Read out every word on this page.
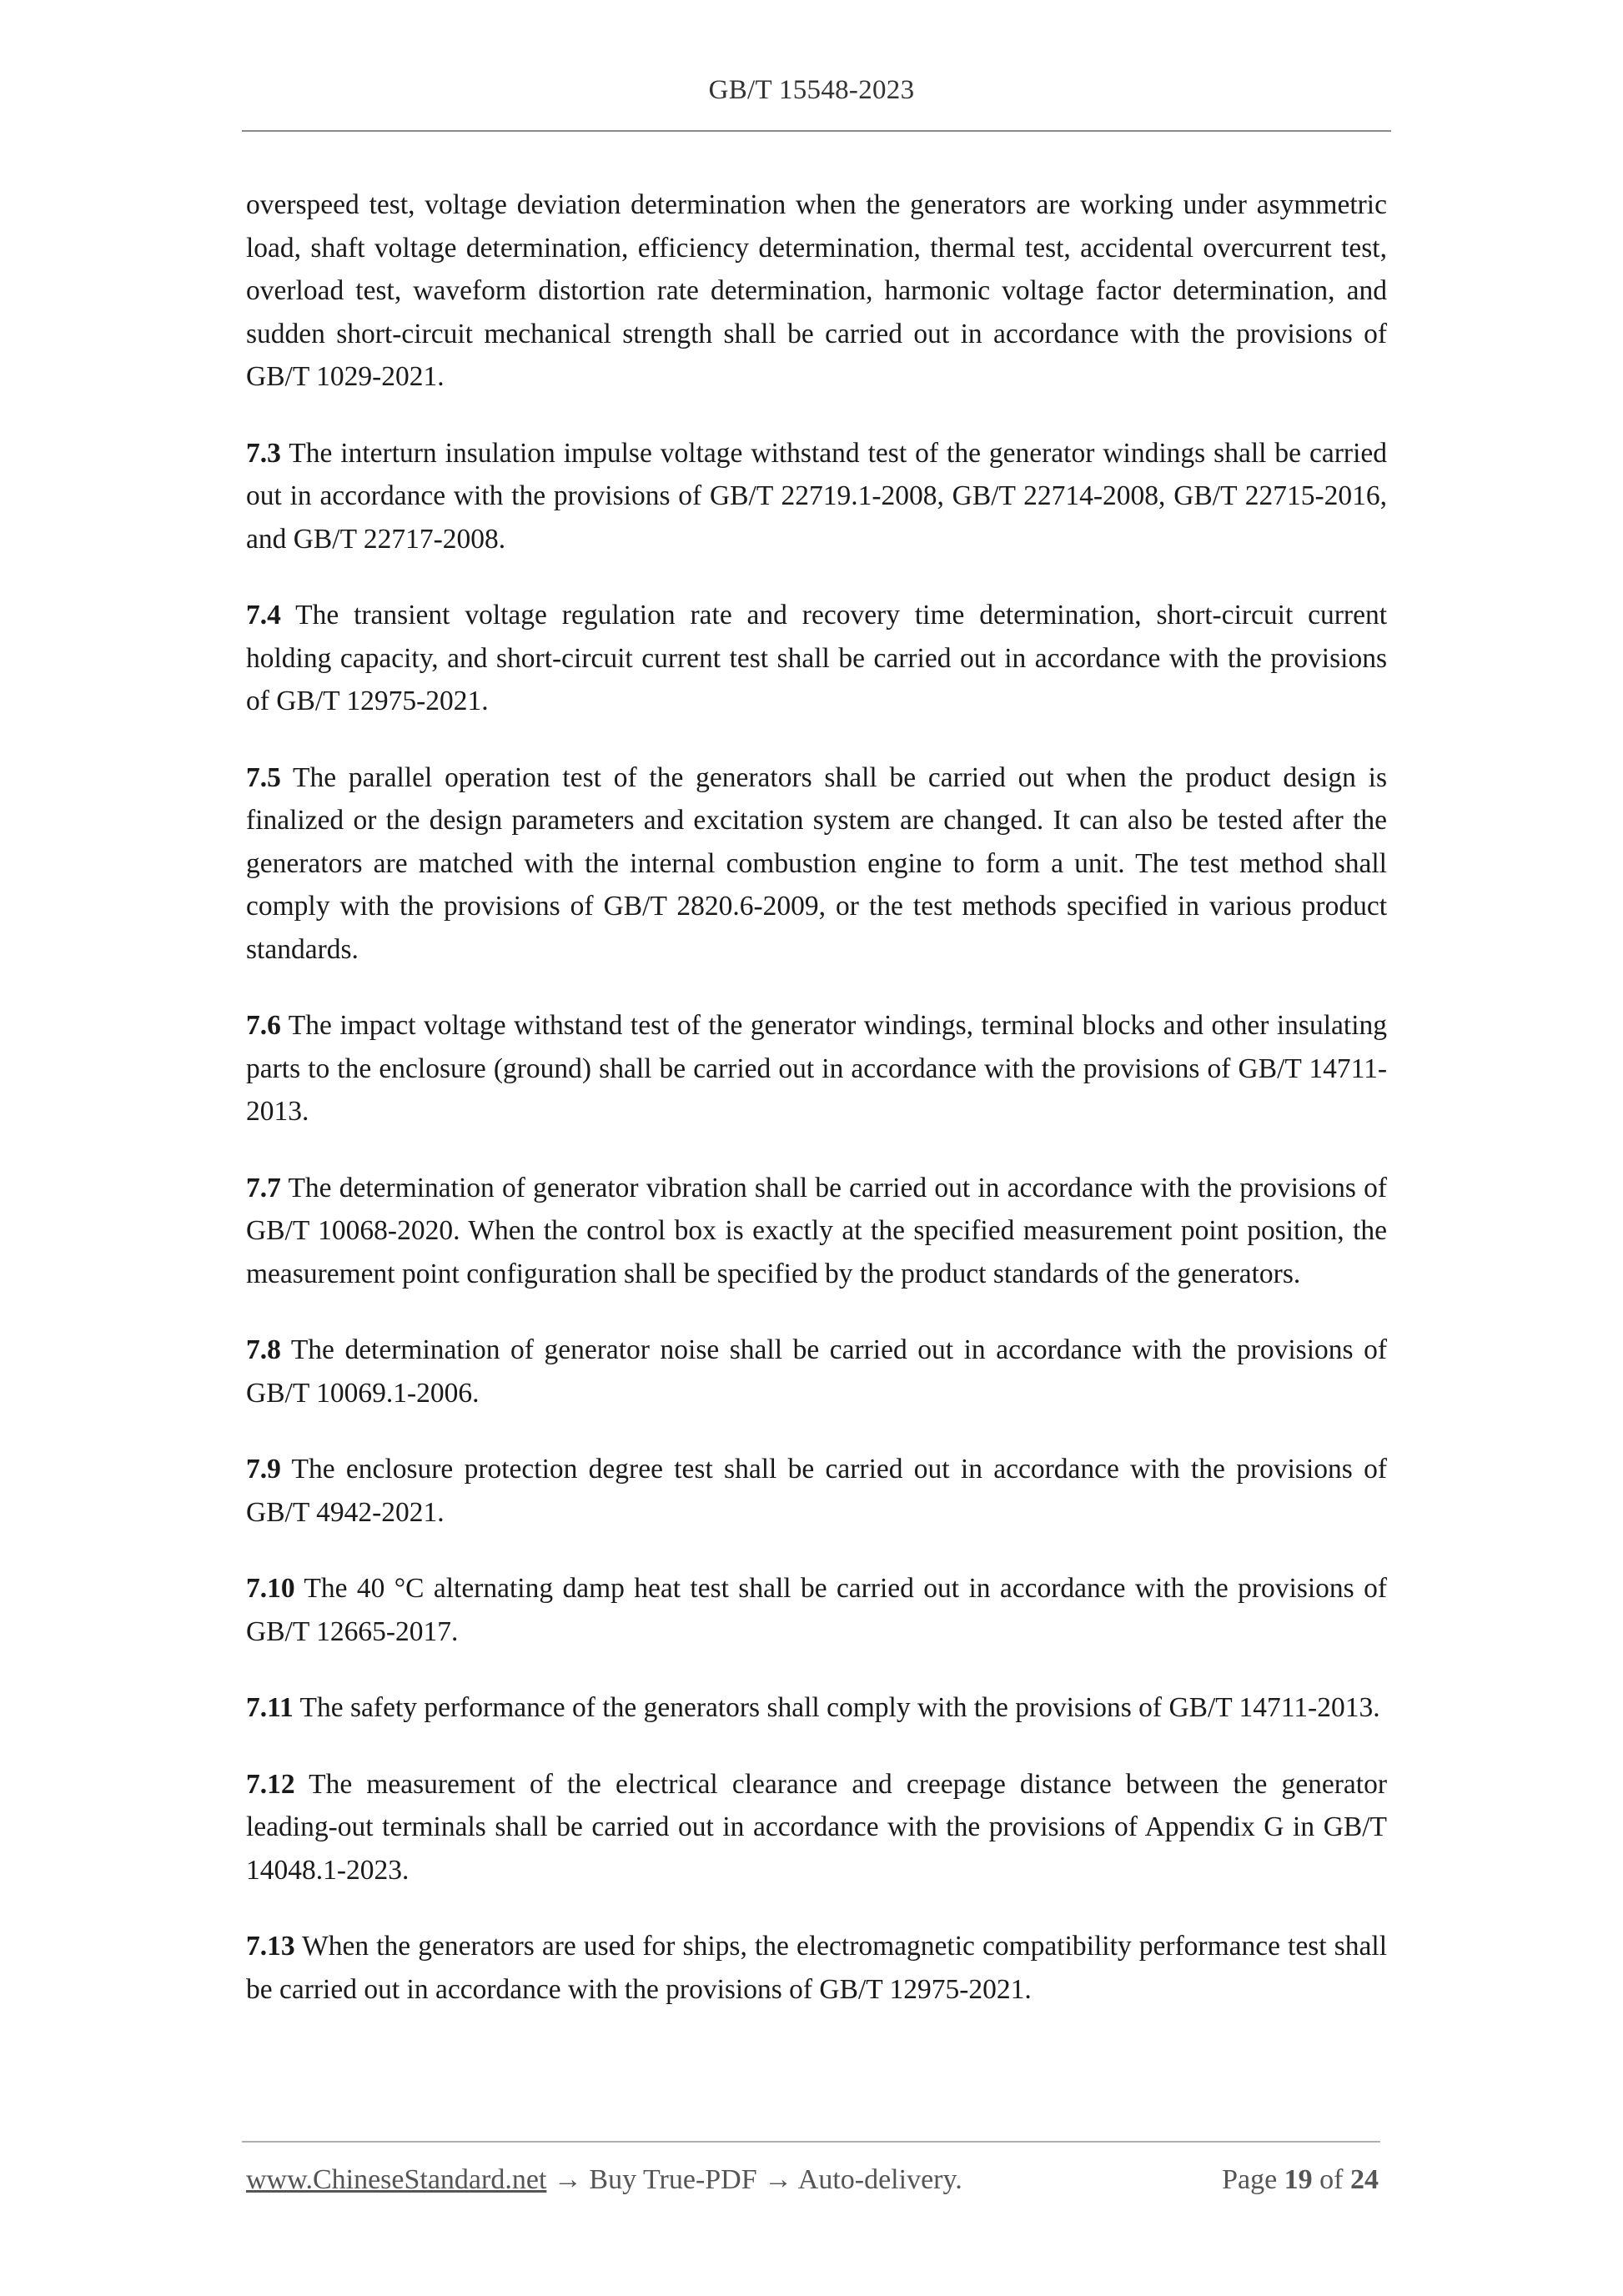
GB/T 15548-2023

overspeed test, voltage deviation determination when the generators are working under asymmetric load, shaft voltage determination, efficiency determination, thermal test, accidental overcurrent test, overload test, waveform distortion rate determination, harmonic voltage factor determination, and sudden short-circuit mechanical strength shall be carried out in accordance with the provisions of GB/T 1029-2021.

7.3 The interturn insulation impulse voltage withstand test of the generator windings shall be carried out in accordance with the provisions of GB/T 22719.1-2008, GB/T 22714-2008, GB/T 22715-2016, and GB/T 22717-2008.

7.4 The transient voltage regulation rate and recovery time determination, short-circuit current holding capacity, and short-circuit current test shall be carried out in accordance with the provisions of GB/T 12975-2021.

7.5 The parallel operation test of the generators shall be carried out when the product design is finalized or the design parameters and excitation system are changed. It can also be tested after the generators are matched with the internal combustion engine to form a unit. The test method shall comply with the provisions of GB/T 2820.6-2009, or the test methods specified in various product standards.

7.6 The impact voltage withstand test of the generator windings, terminal blocks and other insulating parts to the enclosure (ground) shall be carried out in accordance with the provisions of GB/T 14711-2013.

7.7 The determination of generator vibration shall be carried out in accordance with the provisions of GB/T 10068-2020. When the control box is exactly at the specified measurement point position, the measurement point configuration shall be specified by the product standards of the generators.

7.8 The determination of generator noise shall be carried out in accordance with the provisions of GB/T 10069.1-2006.

7.9 The enclosure protection degree test shall be carried out in accordance with the provisions of GB/T 4942-2021.

7.10 The 40 °C alternating damp heat test shall be carried out in accordance with the provisions of GB/T 12665-2017.

7.11 The safety performance of the generators shall comply with the provisions of GB/T 14711-2013.

7.12 The measurement of the electrical clearance and creepage distance between the generator leading-out terminals shall be carried out in accordance with the provisions of Appendix G in GB/T 14048.1-2023.

7.13 When the generators are used for ships, the electromagnetic compatibility performance test shall be carried out in accordance with the provisions of GB/T 12975-2021.

www.ChineseStandard.net → Buy True-PDF → Auto-delivery.	Page 19 of 24
